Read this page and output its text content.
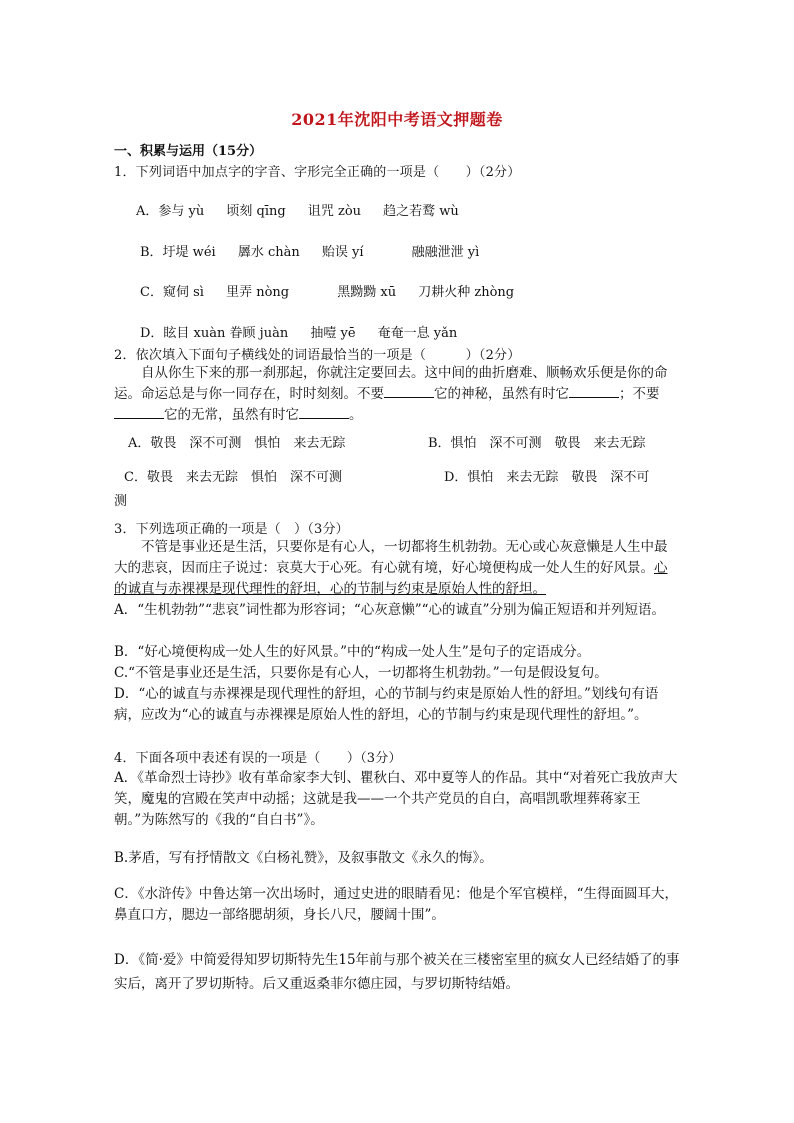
2021年沈阳中考语文押题卷
一、积累与运用（15分）
1．下列词语中加点字的字音、字形完全正确的一项是（　　）（2分）
A．参与 yù 顷刻 qīng 诅咒 zòu 趋之若鹜 wù
B．圩堤 wéi 羼水 chàn 贻误 yí	融融泄泄 yì
C．窥伺 sì 里弄 nòng	黑黝黝 xū 刀耕火种 zhòng
D．眩目 xuàn 眷顾 juàn 抽噎 yē 奄奄一息 yǎn
2．依次填入下面句子横线处的词语最恰当的一项是（　　　）（2分）
自从你生下来的那一刹那起，你就注定要回去。这中间的曲折磨难、顺畅欢乐便是你的命运。命运总是与你一同存在，时时刻刻。不要	它的神秘，虽然有时它	；不要它的无常，虽然有时它	。
A．敬畏　深不可测　惧怕　来去无踪	B．惧怕　深不可测　敬畏　来去无踪
C．敬畏　来去无踪　惧怕　深不可测	D．惧怕　来去无踪　敬畏　深不可
测
3．下列选项正确的一项是（　）（3分）
不管是事业还是生活，只要你是有心人，一切都将生机勃勃。无心或心灰意懒是人生中最大的悲哀，因而庄子说过：哀莫大于心死。有心就有境，好心境便构成一处人生的好风景。心的诚直与赤裸裸是现代理性的舒坦，心的节制与约束是原始人性的舒坦。
A．“生机勃勃”“悲哀”词性都为形容词；“心灰意懒”“心的诚直”分别为偏正短语和并列短语。
B．“好心境便构成一处人生的好风景。”中的“构成一处人生”是句子的定语成分。
C.“不管是事业还是生活，只要你是有心人，一切都将生机勃勃。”一句是假设复句。
D．“心的诚直与赤裸裸是现代理性的舒坦，心的节制与约束是原始人性的舒坦。”划线句有语病，应改为“心的诚直与赤裸裸是原始人性的舒坦，心的节制与约束是现代理性的舒坦。”。
4．下面各项中表述有误的一项是（　　）（3分）
A．《革命烈士诗抄》收有革命家李大钊、瞿秋白、邓中夏等人的作品。其中“对着死亡我放声大笑，魔鬼的宫殿在笑声中动摇；这就是我——一个共产党员的自白，高唱凯歌埋葬蒋家王朝。”为陈然写的《我的“自白书”》。
B.茅盾，写有抒情散文《白杨礼赞》，及叙事散文《永久的悔》。
C．《水浒传》中鲁达第一次出场时，通过史进的眼睛看见：他是个军官模样，“生得面圆耳大，鼻直口方，腮边一部络腮胡须，身长八尺，腰阔十围”。
D．《简·爱》中简爱得知罗切斯特先生15年前与那个被关在三楼密室里的疯女人已经结婚了的事实后，离开了罗切斯特。后又重返桑菲尔德庄园，与罗切斯特结婚。
